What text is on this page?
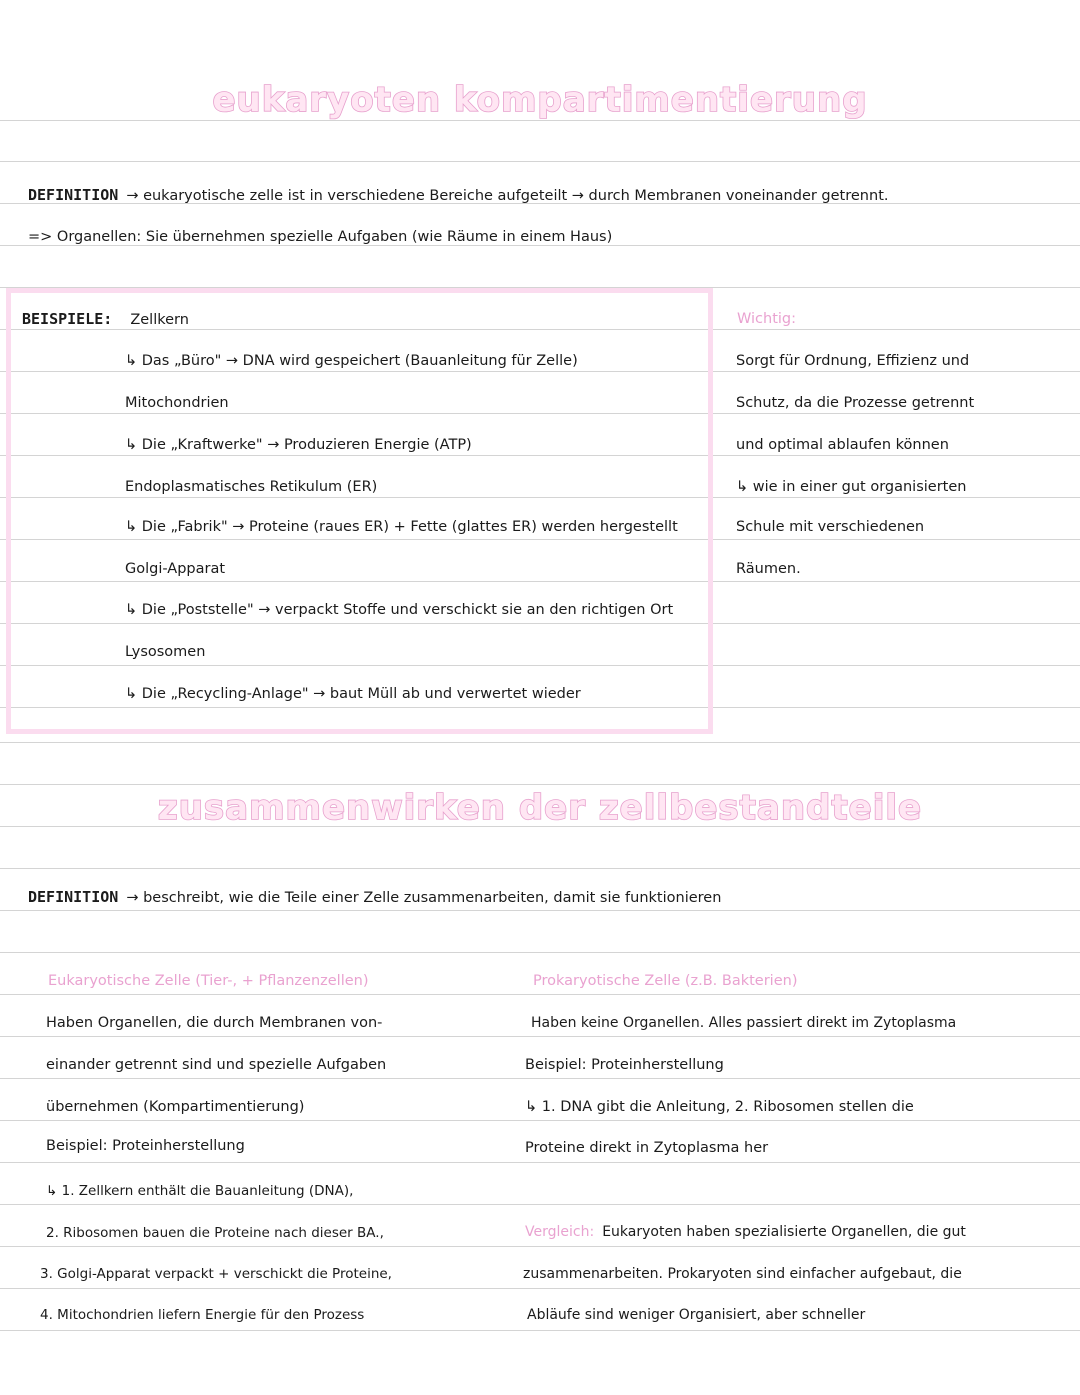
eukaryoten kompartimentierung
DEFINITION → eukaryotische zelle ist in verschiedene Bereiche aufgeteilt → durch Membranen voneinander getrennt.
=> Organellen: Sie übernehmen spezielle Aufgaben (wie Räume in einem Haus)
BEISPIELE: Zellkern
↳ Das „Büro" → DNA wird gespeichert (Bauanleitung für Zelle)
Mitochondrien
↳ Die „Kraftwerke" → Produzieren Energie (ATP)
Endoplasmatisches Retikulum (ER)
↳ Die „Fabrik" → Proteine (raues ER) + Fette (glattes ER) werden hergestellt
Golgi-Apparat
↳ Die „Poststelle" → verpackt Stoffe und verschickt sie an den richtigen Ort
Lysosomen
↳ Die „Recycling-Anlage" → baut Müll ab und verwertet wieder
Wichtig:
Sorgt für Ordnung, Effizienz und
Schutz, da die Prozesse getrennt
und optimal ablaufen können
↳ wie in einer gut organisierten
Schule mit verschiedenen
Räumen.
zusammenwirken der zellbestandteile
DEFINITION → beschreibt, wie die Teile einer Zelle zusammenarbeiten, damit sie funktionieren
Eukaryotische Zelle (Tier-, + Pflanzenzellen)
Haben Organellen, die durch Membranen von-
einander getrennt sind und spezielle Aufgaben
übernehmen (Kompartimentierung)
Beispiel: Proteinherstellung
↳ 1. Zellkern enthält die Bauanleitung (DNA),
2. Ribosomen bauen die Proteine nach dieser BA.,
3. Golgi-Apparat verpackt + verschickt die Proteine,
4. Mitochondrien liefern Energie für den Prozess
Prokaryotische Zelle (z.B. Bakterien)
Haben keine Organellen. Alles passiert direkt im Zytoplasma
Beispiel: Proteinherstellung
↳ 1. DNA gibt die Anleitung, 2. Ribosomen stellen die
Proteine direkt in Zytoplasma her
Vergleich: Eukaryoten haben spezialisierte Organellen, die gut
zusammenarbeiten. Prokaryoten sind einfacher aufgebaut, die
Abläufe sind weniger Organisiert, aber schneller
